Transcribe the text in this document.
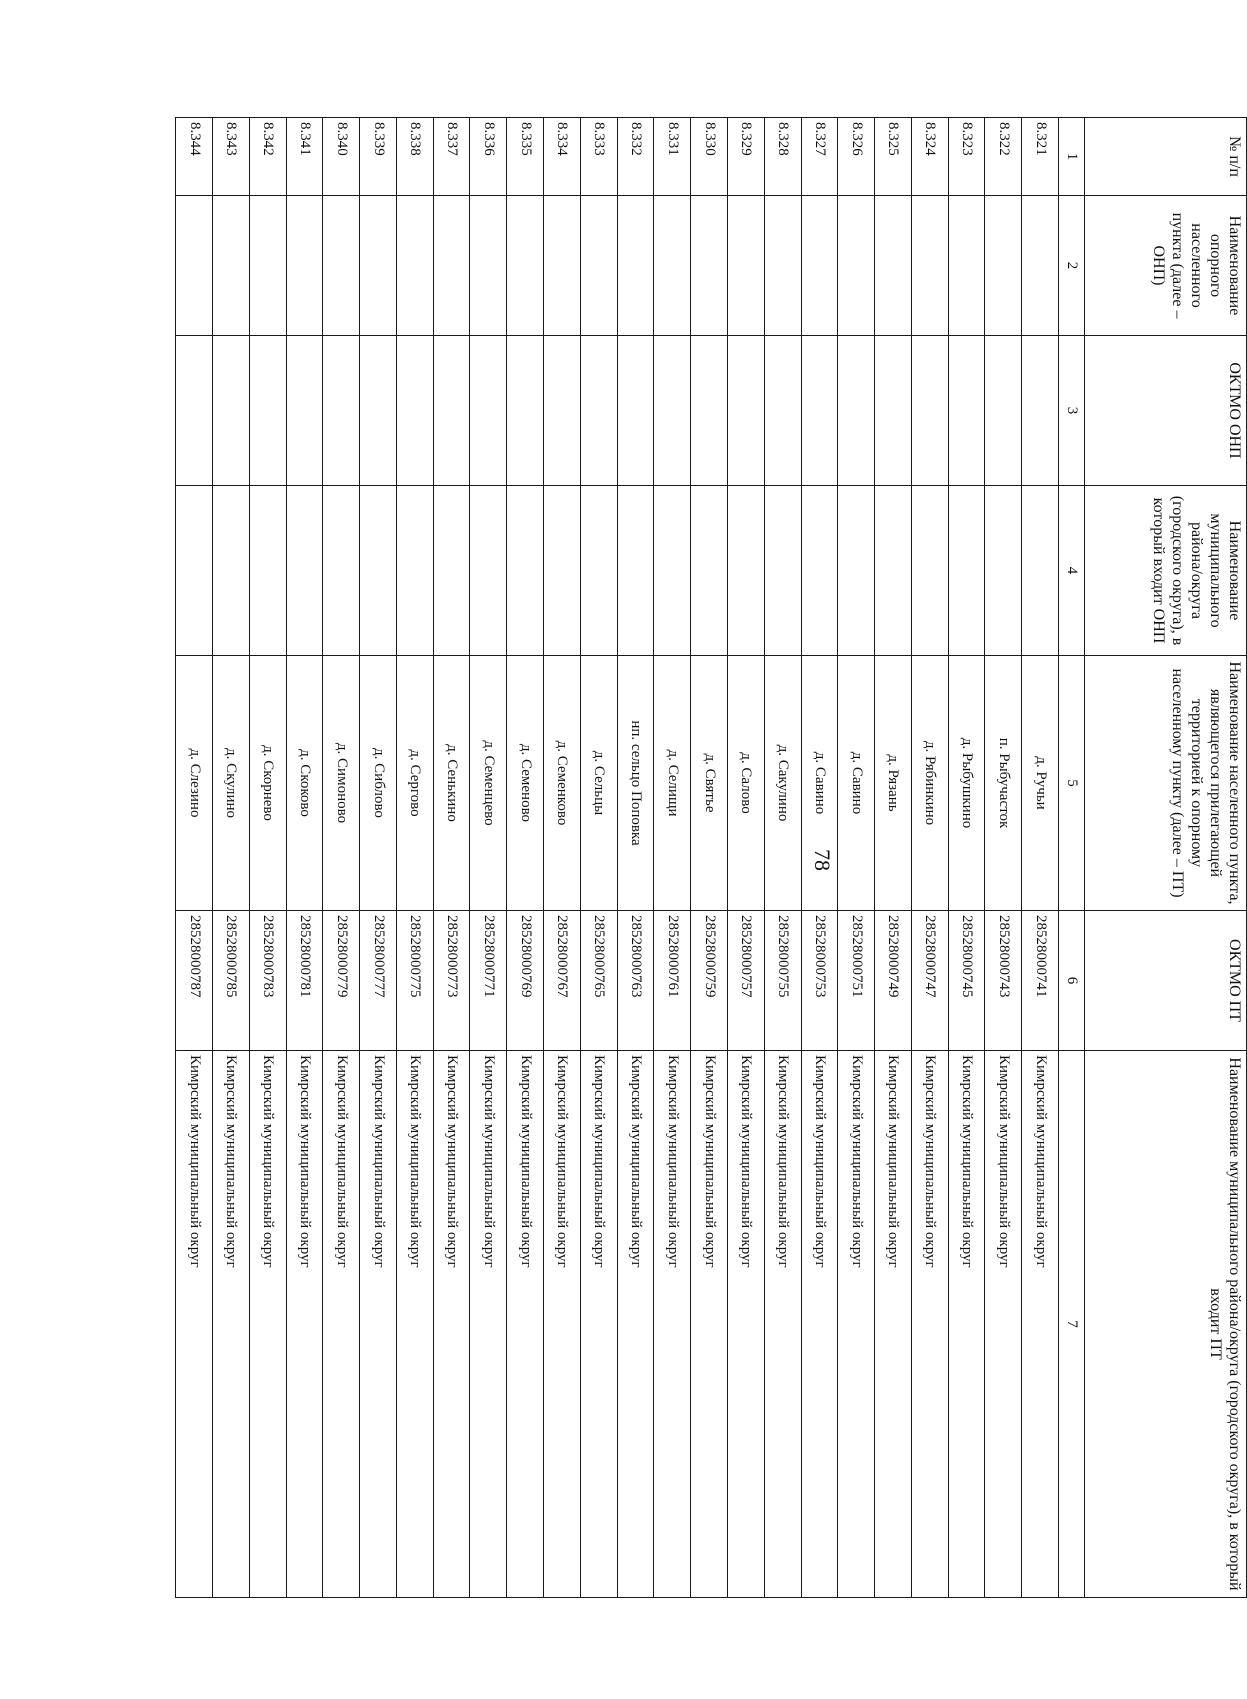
78
№ п/п	Наименование опорного населенного пункта (далее – ОНП)	ОКТМО ОНП	Наименование муниципального района/округа (городского округа), в который входит ОНП	Наименование населенного пункта, являющегося прилегающей территорией к опорному населенному пункту (далее – ПТ)	ОКТМО ПТ	Наименование муниципального района/округа (городского округа), в который входит ПТ
1	2	3	4	5	6	7
8.321				д. Ручьи	28528000741	Кимрский муниципальный округ
8.322				п. Рыбучасток	28528000743	Кимрский муниципальный округ
8.323				д. Рыбушкино	28528000745	Кимрский муниципальный округ
8.324				д. Рябинкино	28528000747	Кимрский муниципальный округ
8.325				д. Рязань	28528000749	Кимрский муниципальный округ
8.326				д. Савино	28528000751	Кимрский муниципальный округ
8.327				д. Савино	28528000753	Кимрский муниципальный округ
8.328				д. Сакулино	28528000755	Кимрский муниципальный округ
8.329				д. Салово	28528000757	Кимрский муниципальный округ
8.330				д. Святье	28528000759	Кимрский муниципальный округ
8.331				д. Селищи	28528000761	Кимрский муниципальный округ
8.332				нп. сельцо Поповка	28528000763	Кимрский муниципальный округ
8.333				д. Сельцы	28528000765	Кимрский муниципальный округ
8.334				д. Семенково	28528000767	Кимрский муниципальный округ
8.335				д. Семеново	28528000769	Кимрский муниципальный округ
8.336				д. Семенцево	28528000771	Кимрский муниципальный округ
8.337				д. Сенькино	28528000773	Кимрский муниципальный округ
8.338				д. Сергово	28528000775	Кимрский муниципальный округ
8.339				д. Сиблово	28528000777	Кимрский муниципальный округ
8.340				д. Симоново	28528000779	Кимрский муниципальный округ
8.341				д. Скоково	28528000781	Кимрский муниципальный округ
8.342				д. Скорнево	28528000783	Кимрский муниципальный округ
8.343				д. Скулино	28528000785	Кимрский муниципальный округ
8.344				д. Слезино	28528000787	Кимрский муниципальный округ
